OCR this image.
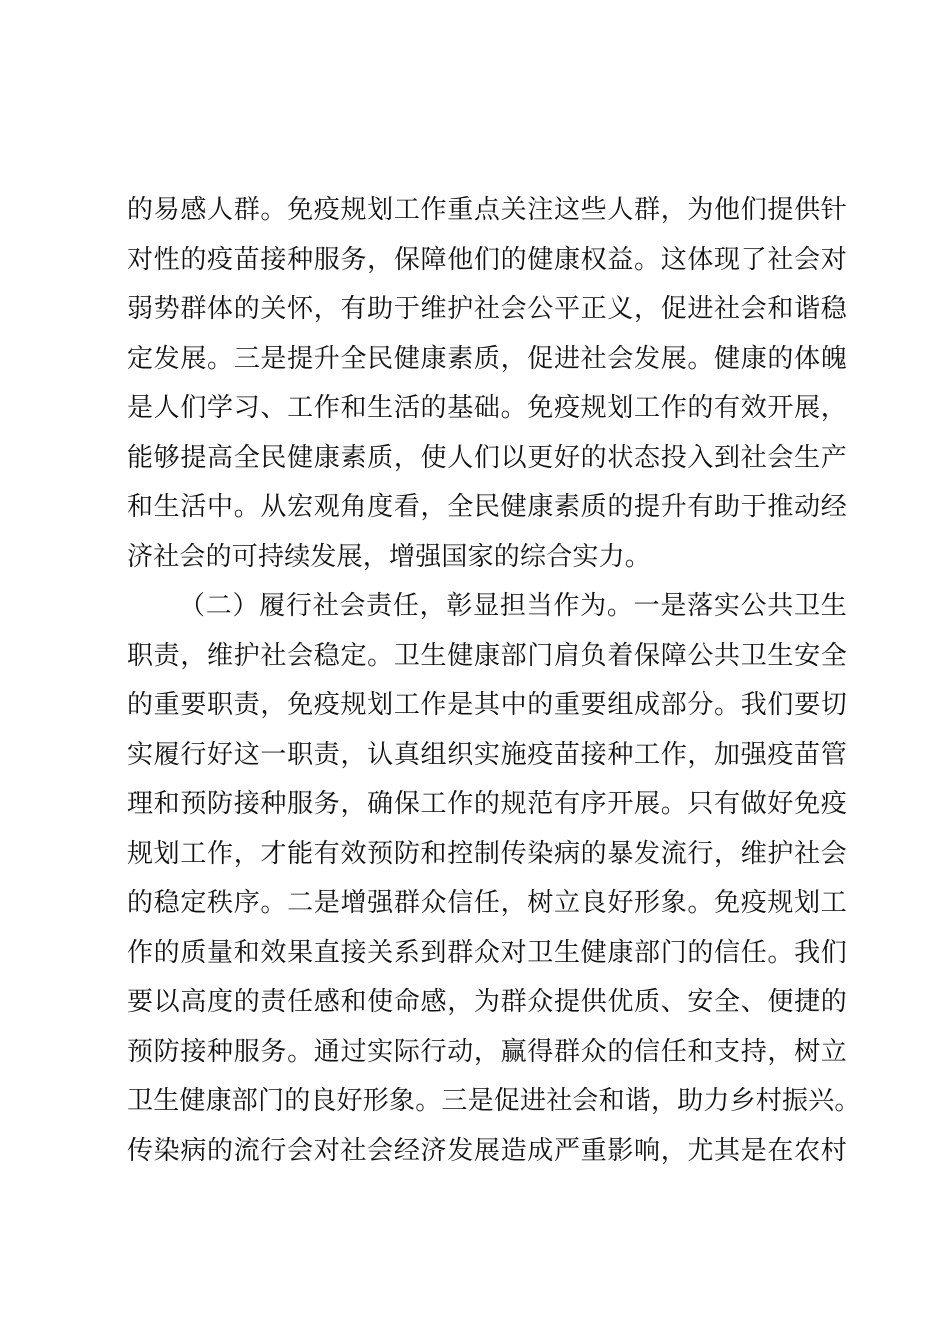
的易感人群。免疫规划工作重点关注这些人群，为他们提供针
对性的疫苗接种服务，保障他们的健康权益。这体现了社会对
弱势群体的关怀，有助于维护社会公平正义，促进社会和谐稳
定发展。三是提升全民健康素质，促进社会发展。健康的体魄
是人们学习、工作和生活的基础。免疫规划工作的有效开展，
能够提高全民健康素质，使人们以更好的状态投入到社会生产
和生活中。从宏观角度看，全民健康素质的提升有助于推动经
济社会的可持续发展，增强国家的综合实力。
（二）履行社会责任，彰显担当作为。一是落实公共卫生
职责，维护社会稳定。卫生健康部门肩负着保障公共卫生安全
的重要职责，免疫规划工作是其中的重要组成部分。我们要切
实履行好这一职责，认真组织实施疫苗接种工作，加强疫苗管
理和预防接种服务，确保工作的规范有序开展。只有做好免疫
规划工作，才能有效预防和控制传染病的暴发流行，维护社会
的稳定秩序。二是增强群众信任，树立良好形象。免疫规划工
作的质量和效果直接关系到群众对卫生健康部门的信任。我们
要以高度的责任感和使命感，为群众提供优质、安全、便捷的
预防接种服务。通过实际行动，赢得群众的信任和支持，树立
卫生健康部门的良好形象。三是促进社会和谐，助力乡村振兴。
传染病的流行会对社会经济发展造成严重影响，尤其是在农村
